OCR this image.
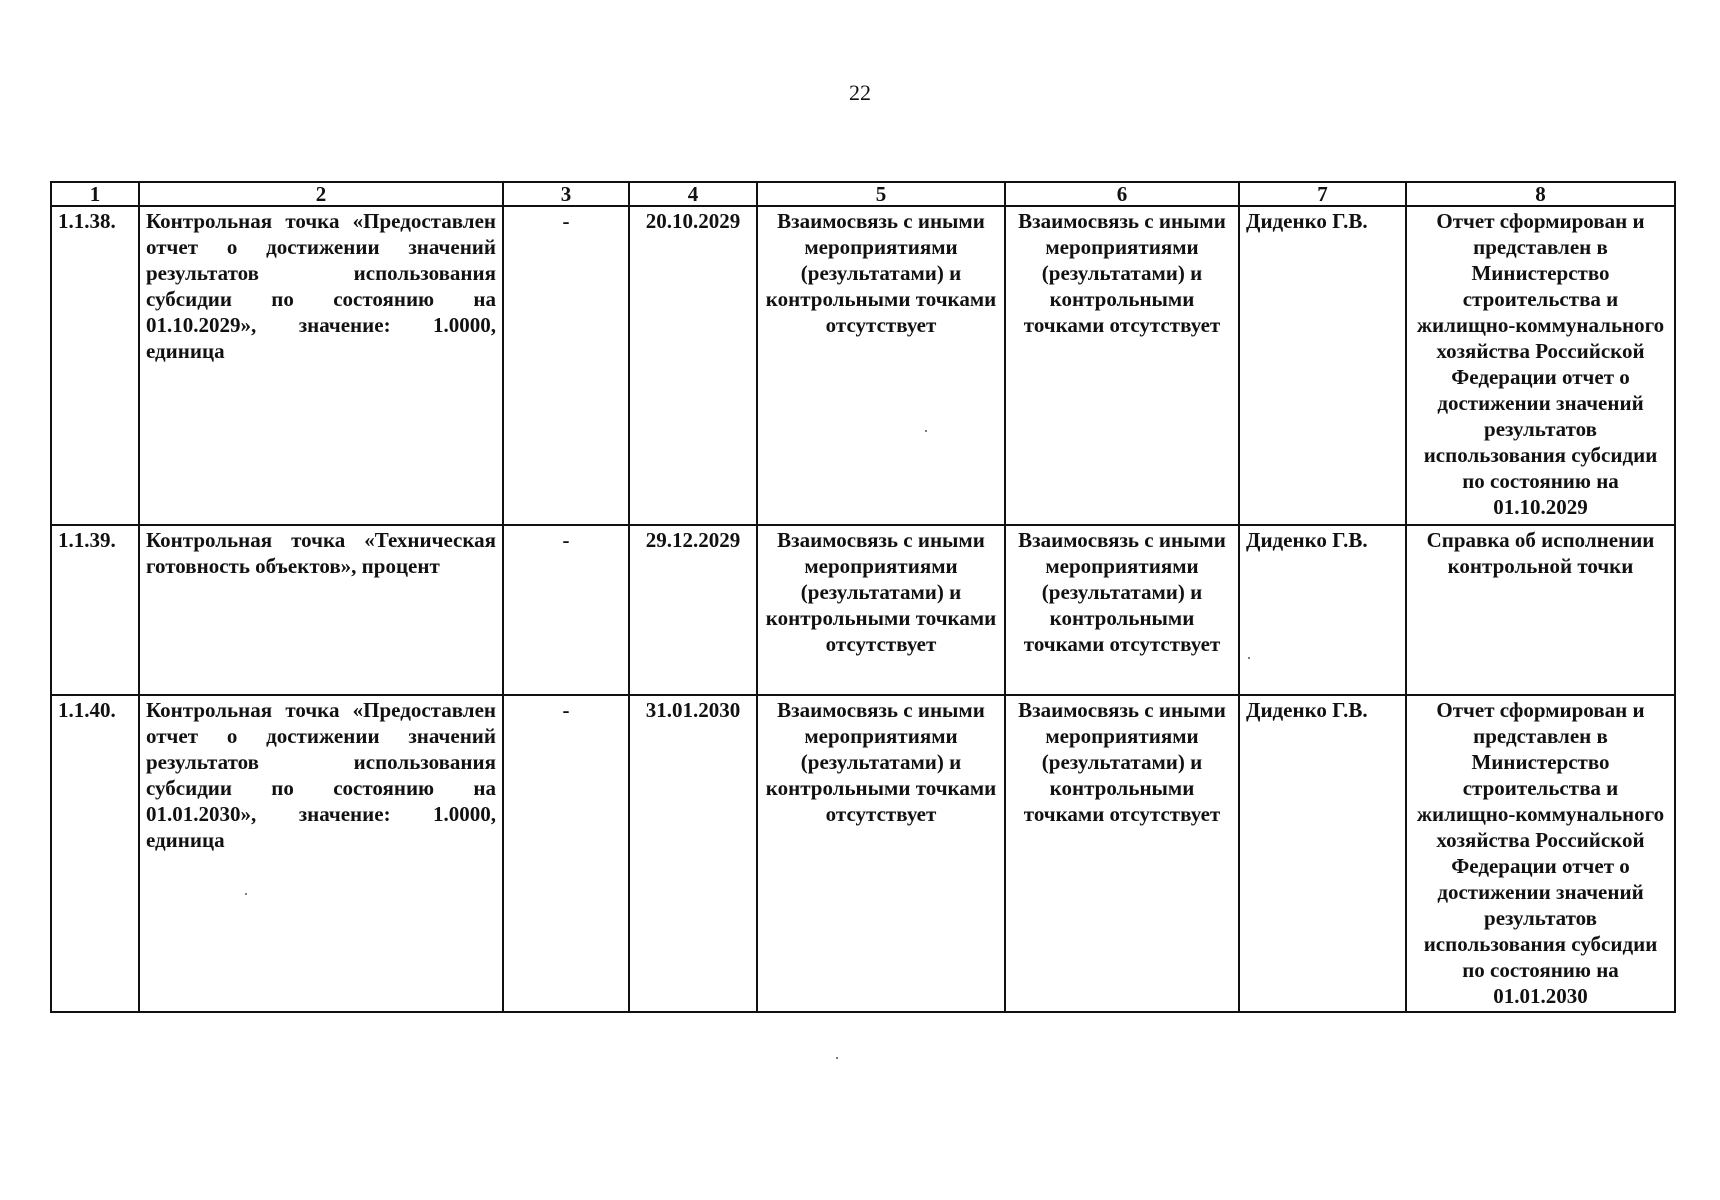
22
1	2	3	4	5	6	7	8
1.1.38.	Контрольная точка «Предоставлен отчет о достижении значений результатов использования субсидии по состоянию на 01.10.2029», значение: 1.0000, единица	-	20.10.2029	Взаимосвязь с иными мероприятиями (результатами) и контрольными точками отсутствует	Взаимосвязь с иными мероприятиями (результатами) и контрольными точками отсутствует	Диденко Г.В.	Отчет сформирован и представлен в Министерство строительства и жилищно-коммунального хозяйства Российской Федерации отчет о достижении значений результатов использования субсидии по состоянию на 01.10.2029
1.1.39.	Контрольная точка «Техническая готовность объектов», процент	-	29.12.2029	Взаимосвязь с иными мероприятиями (результатами) и контрольными точками отсутствует	Взаимосвязь с иными мероприятиями (результатами) и контрольными точками отсутствует	Диденко Г.В.	Справка об исполнении контрольной точки
1.1.40.	Контрольная точка «Предоставлен отчет о достижении значений результатов использования субсидии по состоянию на 01.01.2030», значение: 1.0000, единица	-	31.01.2030	Взаимосвязь с иными мероприятиями (результатами) и контрольными точками отсутствует	Взаимосвязь с иными мероприятиями (результатами) и контрольными точками отсутствует	Диденко Г.В.	Отчет сформирован и представлен в Министерство строительства и жилищно-коммунального хозяйства Российской Федерации отчет о достижении значений результатов использования субсидии по состоянию на 01.01.2030
